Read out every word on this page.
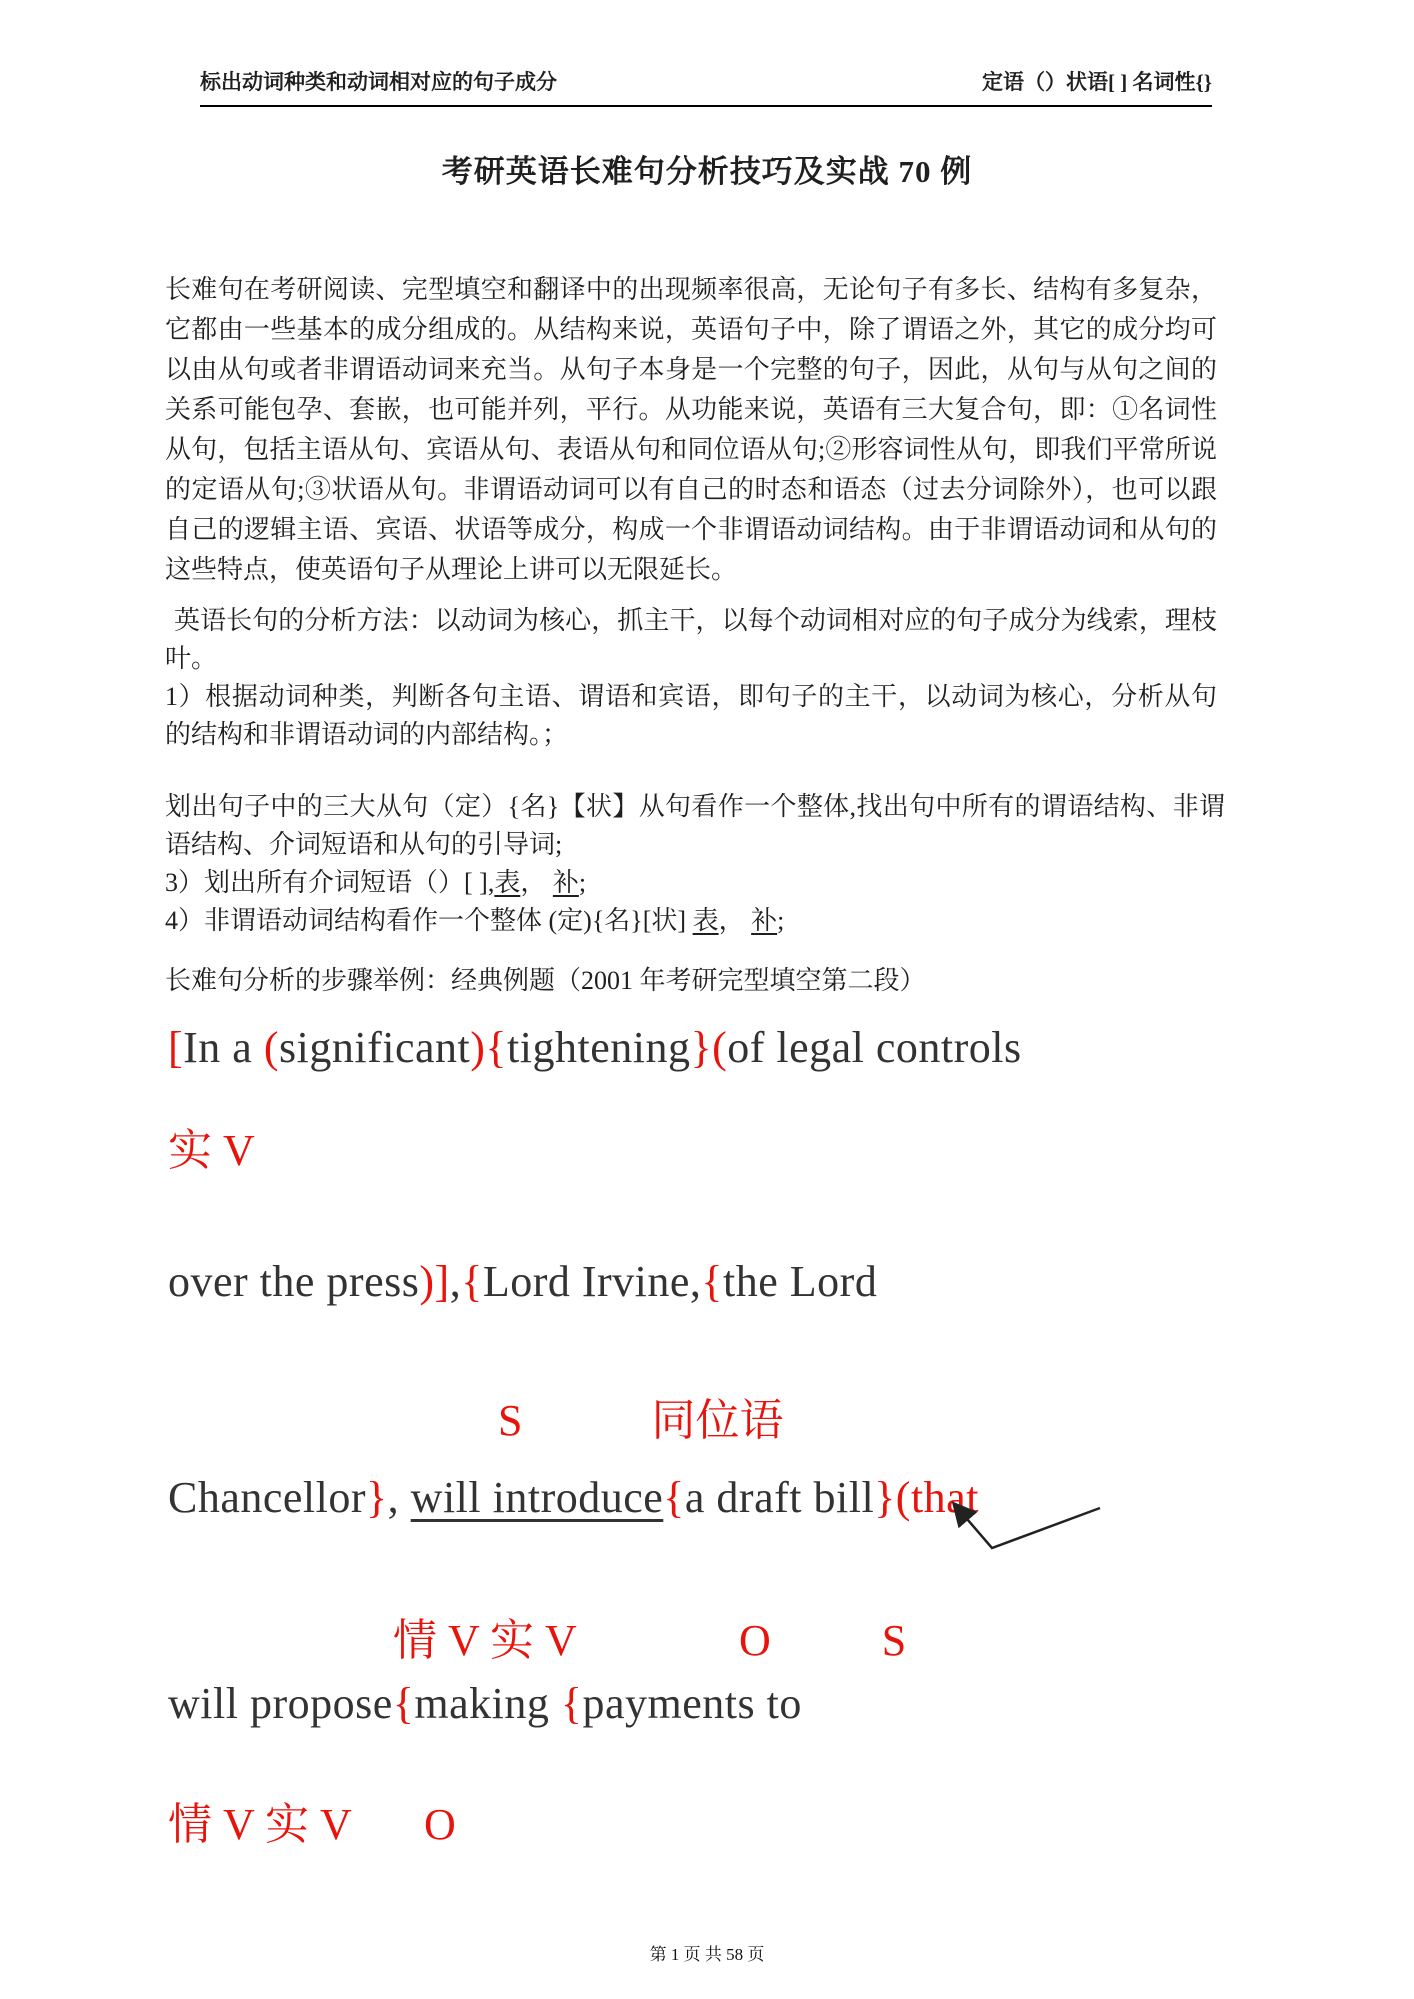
标出动词种类和动词相对应的句子成分	定语（）状语[ ] 名词性{}
考研英语长难句分析技巧及实战 70 例
长难句在考研阅读、完型填空和翻译中的出现频率很高，无论句子有多长、结构有多复杂，它都由一些基本的成分组成的。从结构来说，英语句子中，除了谓语之外，其它的成分均可以由从句或者非谓语动词来充当。从句子本身是一个完整的句子，因此，从句与从句之间的关系可能包孕、套嵌，也可能并列，平行。从功能来说，英语有三大复合句，即：①名词性从句，包括主语从句、宾语从句、表语从句和同位语从句;②形容词性从句，即我们平常所说的定语从句;③状语从句。非谓语动词可以有自己的时态和语态（过去分词除外），也可以跟自己的逻辑主语、宾语、状语等成分，构成一个非谓语动词结构。由于非谓语动词和从句的这些特点，使英语句子从理论上讲可以无限延长。

英语长句的分析方法：以动词为核心，抓主干，以每个动词相对应的句子成分为线索，理枝叶。

1）根据动词种类，判断各句主语、谓语和宾语，即句子的主干，以动词为核心，分析从句的结构和非谓语动词的内部结构。；

划出句子中的三大从句（定）{名}【状】从句看作一个整体,找出句中所有的谓语结构、非谓语结构、介词短语和从句的引导词;

3）划出所有介词短语（）[ ],表， 补;

4）非谓语动词结构看作一个整体 (定){名}[状] 表， 补;

长难句分析的步骤举例：经典例题（2001 年考研完型填空第二段）
[In a (significant){tightening}(of legal controls
实 V
over the press)],{Lord Irvine,{the Lord
S	同位语
Chancellor}, will introduce{a draft bill}(that
情 V 实 V	O	S
will propose{making {payments to
情 V 实 V O
第 1 页 共 58 页
